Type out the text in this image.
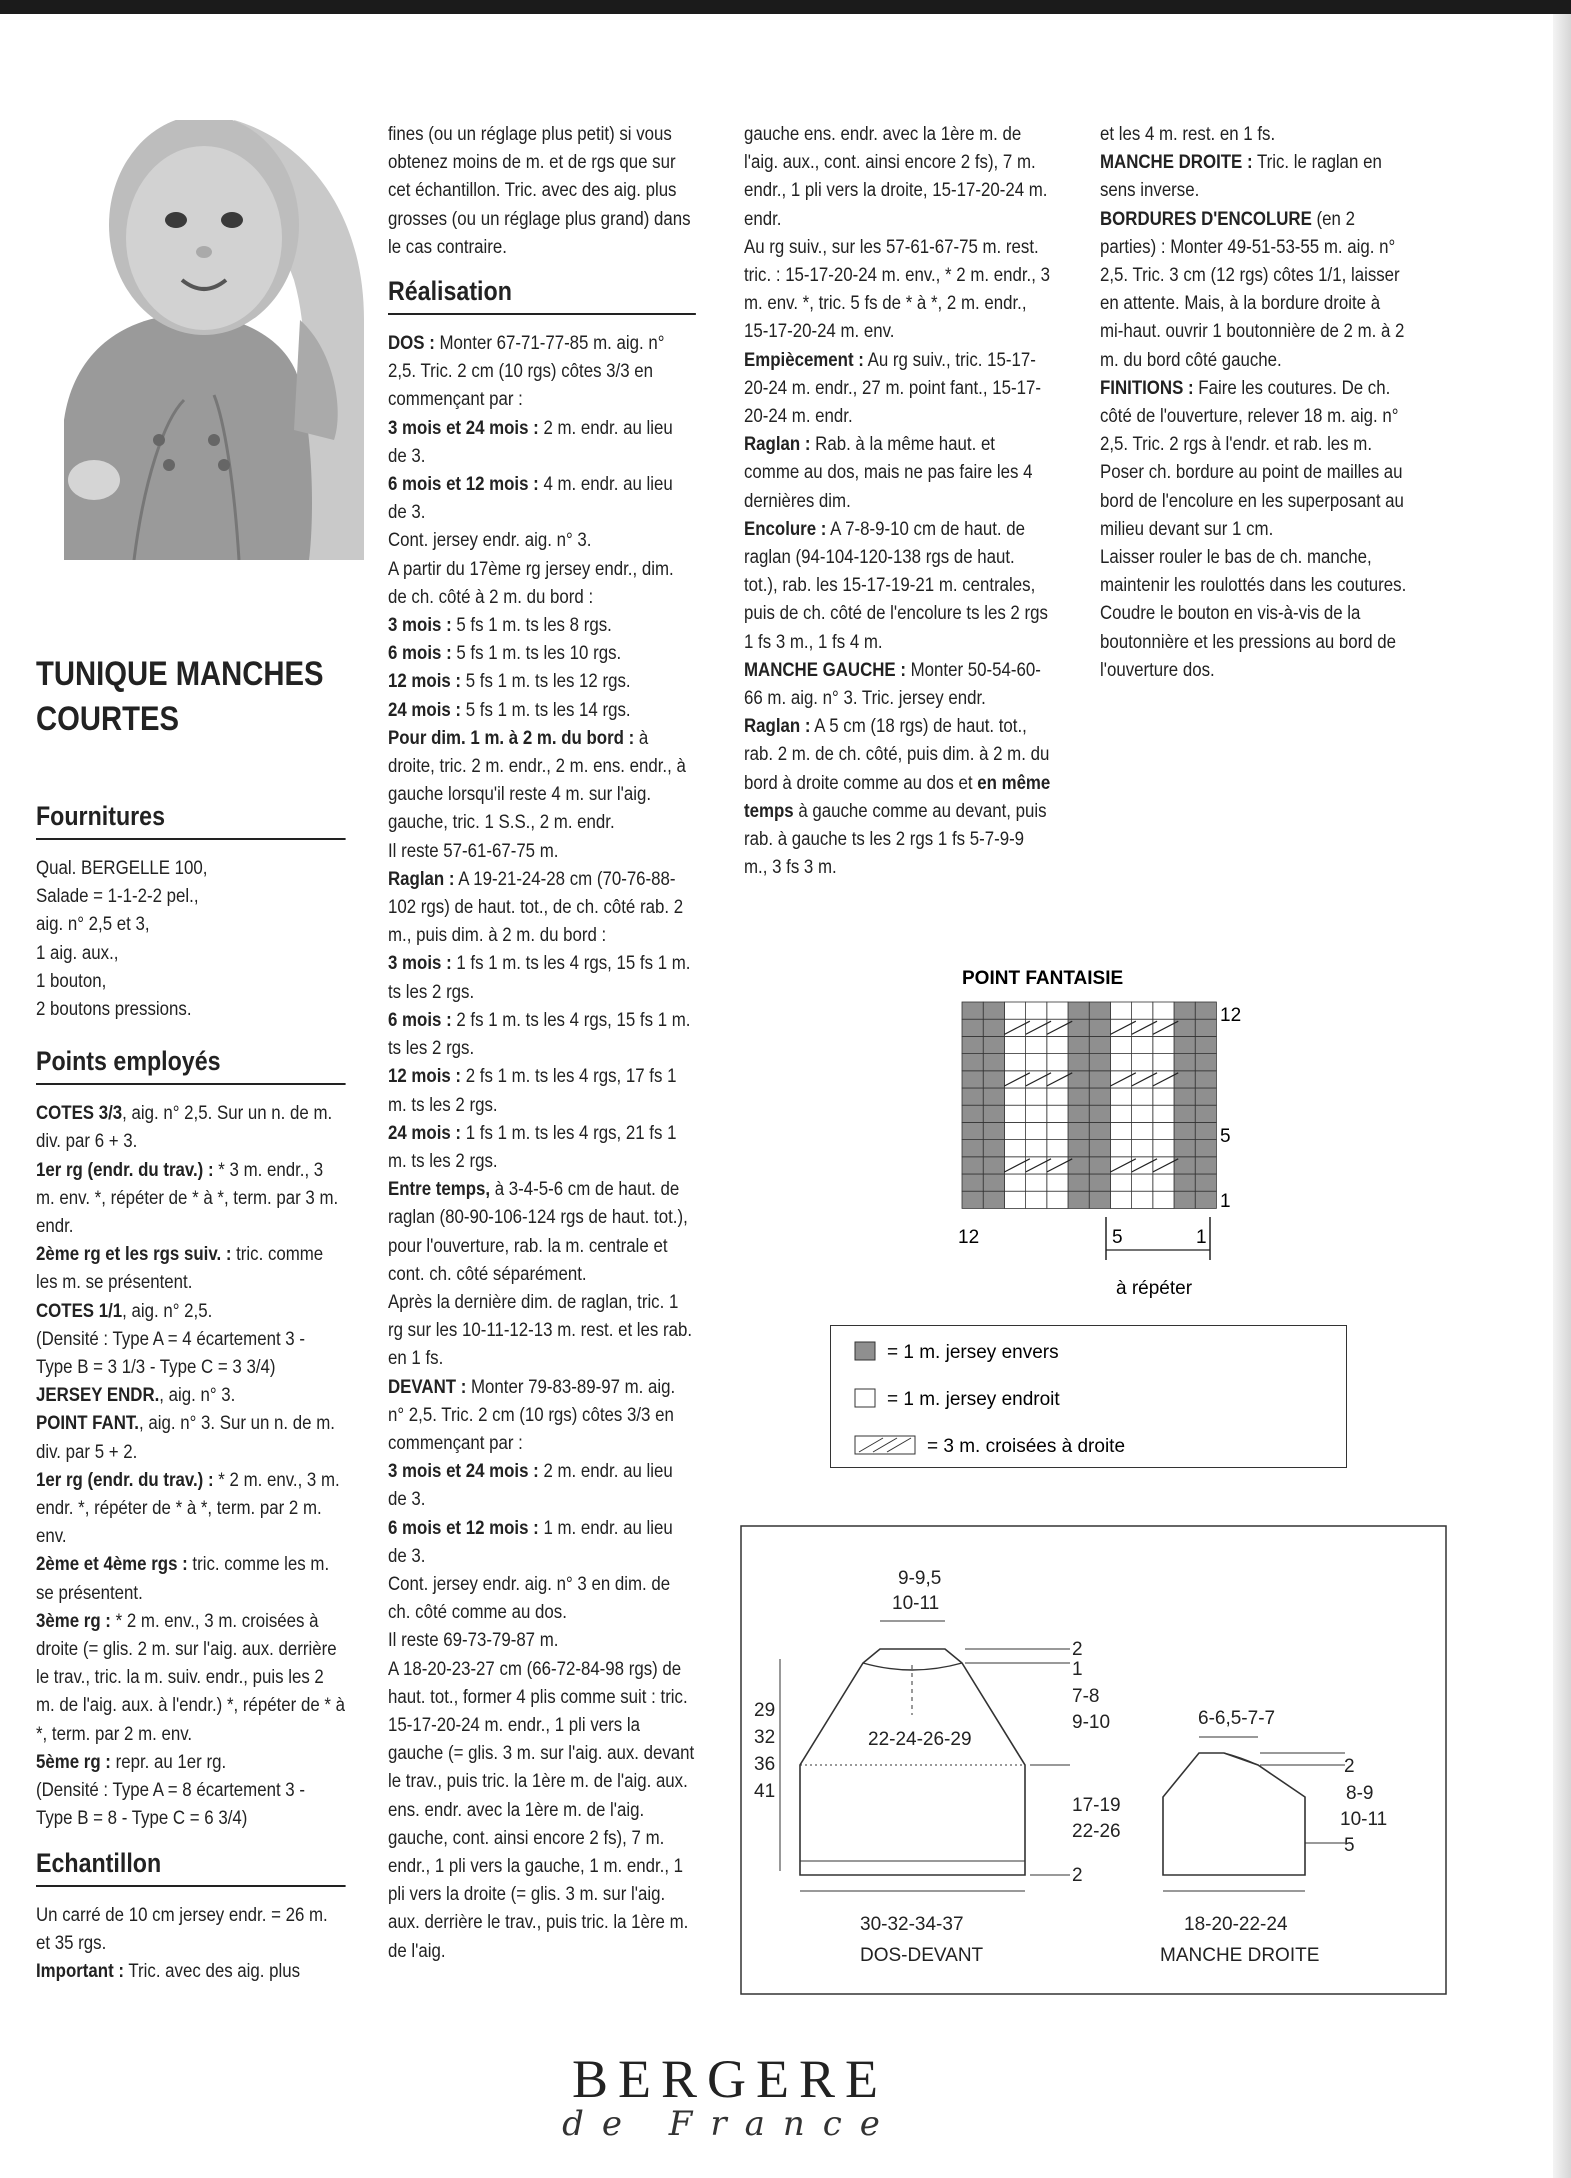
TUNIQUE MANCHES
COURTES
Fournitures

Qual. BERGELLE 100,

Salade = 1-1-2-2 pel.,

aig. n° 2,5 et 3,

1 aig. aux.,

1 bouton,

2 boutons pressions.

Points employés

COTES 3/3, aig. n° 2,5. Sur un n. de m. div. par 6 + 3.

1er rg (endr. du trav.) : * 3 m. endr., 3 m. env. *, répéter de * à *, term. par 3 m. endr.

2ème rg et les rgs suiv. : tric. comme les m. se présentent.

COTES 1/1, aig. n° 2,5.

(Densité : Type A = 4 écartement 3 - Type B = 3 1/3 - Type C = 3 3/4)

JERSEY ENDR., aig. n° 3.

POINT FANT., aig. n° 3. Sur un n. de m. div. par 5 + 2.

1er rg (endr. du trav.) : * 2 m. env., 3 m. endr. *, répéter de * à *, term. par 2 m. env.

2ème et 4ème rgs : tric. comme les m. se présentent.

3ème rg : * 2 m. env., 3 m. croisées à droite (= glis. 2 m. sur l'aig. aux. derrière le trav., tric. la m. suiv. endr., puis les 2 m. de l'aig. aux. à l'endr.) *, répéter de * à *, term. par 2 m. env.

5ème rg : repr. au 1er rg.

(Densité : Type A = 8 écartement 3 - Type B = 8 - Type C = 6 3/4)

Echantillon

Un carré de 10 cm jersey endr. = 26 m. et 35 rgs.

Important : Tric. avec des aig. plus

fines (ou un réglage plus petit) si vous obtenez moins de m. et de rgs que sur cet échantillon. Tric. avec des aig. plus grosses (ou un réglage plus grand) dans le cas contraire.

Réalisation

DOS : Monter 67-71-77-85 m. aig. n° 2,5. Tric. 2 cm (10 rgs) côtes 3/3 en commençant par :

3 mois et 24 mois : 2 m. endr. au lieu de 3.

6 mois et 12 mois : 4 m. endr. au lieu de 3.

Cont. jersey endr. aig. n° 3.

A partir du 17ème rg jersey endr., dim. de ch. côté à 2 m. du bord :

3 mois : 5 fs 1 m. ts les 8 rgs.

6 mois : 5 fs 1 m. ts les 10 rgs.

12 mois : 5 fs 1 m. ts les 12 rgs.

24 mois : 5 fs 1 m. ts les 14 rgs.

Pour dim. 1 m. à 2 m. du bord : à droite, tric. 2 m. endr., 2 m. ens. endr., à gauche lorsqu'il reste 4 m. sur l'aig. gauche, tric. 1 S.S., 2 m. endr.

Il reste 57-61-67-75 m.

Raglan : A 19-21-24-28 cm (70-76-88-102 rgs) de haut. tot., de ch. côté rab. 2 m., puis dim. à 2 m. du bord :

3 mois : 1 fs 1 m. ts les 4 rgs, 15 fs 1 m. ts les 2 rgs.

6 mois : 2 fs 1 m. ts les 4 rgs, 15 fs 1 m. ts les 2 rgs.

12 mois : 2 fs 1 m. ts les 4 rgs, 17 fs 1 m. ts les 2 rgs.

24 mois : 1 fs 1 m. ts les 4 rgs, 21 fs 1 m. ts les 2 rgs.

Entre temps, à 3-4-5-6 cm de haut. de raglan (80-90-106-124 rgs de haut. tot.), pour l'ouverture, rab. la m. centrale et cont. ch. côté séparément.

Après la dernière dim. de raglan, tric. 1 rg sur les 10-11-12-13 m. rest. et les rab. en 1 fs.

DEVANT : Monter 79-83-89-97 m. aig. n° 2,5. Tric. 2 cm (10 rgs) côtes 3/3 en commençant par :

3 mois et 24 mois : 2 m. endr. au lieu de 3.

6 mois et 12 mois : 1 m. endr. au lieu de 3.

Cont. jersey endr. aig. n° 3 en dim. de ch. côté comme au dos.

Il reste 69-73-79-87 m.

A 18-20-23-27 cm (66-72-84-98 rgs) de haut. tot., former 4 plis comme suit : tric. 15-17-20-24 m. endr., 1 pli vers la gauche (= glis. 3 m. sur l'aig. aux. devant le trav., puis tric. la 1ère m. de l'aig. aux. ens. endr. avec la 1ère m. de l'aig. gauche, cont. ainsi encore 2 fs), 7 m. endr., 1 pli vers la gauche, 1 m. endr., 1 pli vers la droite (= glis. 3 m. sur l'aig. aux. derrière le trav., puis tric. la 1ère m. de l'aig.

gauche ens. endr. avec la 1ère m. de l'aig. aux., cont. ainsi encore 2 fs), 7 m. endr., 1 pli vers la droite, 15-17-20-24 m. endr.

Au rg suiv., sur les 57-61-67-75 m. rest. tric. : 15-17-20-24 m. env., * 2 m. endr., 3 m. env. *, tric. 5 fs de * à *, 2 m. endr., 15-17-20-24 m. env.

Empiècement : Au rg suiv., tric. 15-17-20-24 m. endr., 27 m. point fant., 15-17-20-24 m. endr.

Raglan : Rab. à la même haut. et comme au dos, mais ne pas faire les 4 dernières dim.

Encolure : A 7-8-9-10 cm de haut. de raglan (94-104-120-138 rgs de haut. tot.), rab. les 15-17-19-21 m. centrales, puis de ch. côté de l'encolure ts les 2 rgs 1 fs 3 m., 1 fs 4 m.

MANCHE GAUCHE : Monter 50-54-60-66 m. aig. n° 3. Tric. jersey endr.

Raglan : A 5 cm (18 rgs) de haut. tot., rab. 2 m. de ch. côté, puis dim. à 2 m. du bord à droite comme au dos et en même temps à gauche comme au devant, puis rab. à gauche ts les 2 rgs 1 fs 5-7-9-9 m., 3 fs 3 m.

et les 4 m. rest. en 1 fs.

MANCHE DROITE : Tric. le raglan en sens inverse.

BORDURES D'ENCOLURE (en 2 parties) : Monter 49-51-53-55 m. aig. n° 2,5. Tric. 3 cm (12 rgs) côtes 1/1, laisser en attente. Mais, à la bordure droite à mi-haut. ouvrir 1 boutonnière de 2 m. à 2 m. du bord côté gauche.

FINITIONS : Faire les coutures. De ch. côté de l'ouverture, relever 18 m. aig. n° 2,5. Tric. 2 rgs à l'endr. et rab. les m. Poser ch. bordure au point de mailles au bord de l'encolure en les superposant au milieu devant sur 1 cm.

Laisser rouler le bas de ch. manche, maintenir les roulottés dans les coutures.

Coudre le bouton en vis-à-vis de la boutonnière et les pressions au bord de l'ouverture dos.

POINT FANTAISIE
12
5
1
12	5	1
à répéter
= 1 m. jersey envers
= 1 m. jersey endroit
= 3 m. croisées à droite
9-9,5
10-11
22-24-26-29
29
32
36
41
2
1
7-8
9-10
17-19
22-26
2
30-32-34-37
DOS-DEVANT
6-6,5-7-7
2
8-9
10-11
5
18-20-22-24
MANCHE DROITE
BERGERE
de France
